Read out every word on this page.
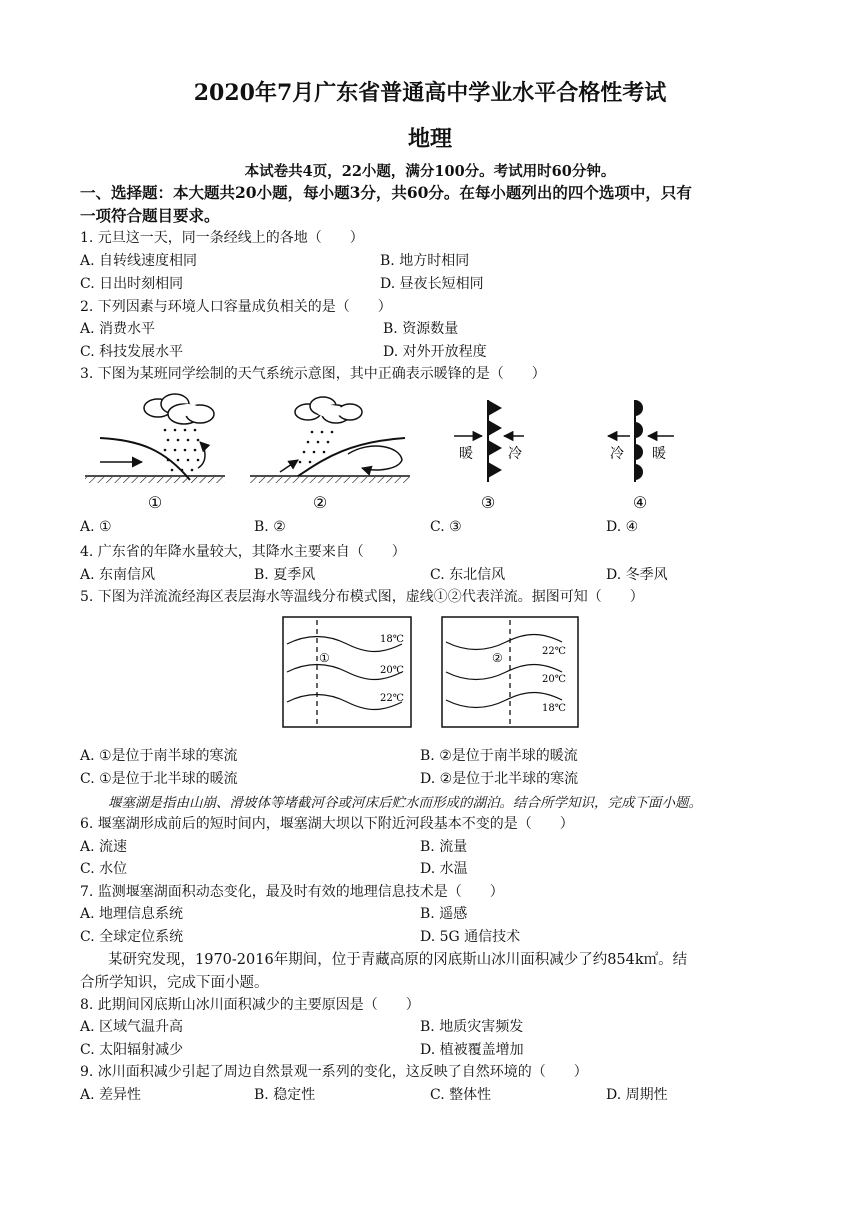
2020年7月广东省普通高中学业水平合格性考试
地理
本试卷共4页，22小题，满分100分。考试用时60分钟。
一、选择题：本大题共20小题，每小题3分，共60分。在每小题列出的四个选项中，只有
一项符合题目要求。
1. 元旦这一天，同一条经线上的各地（　　）
A. 自转线速度相同	B. 地方时相同
C. 日出时刻相同	D. 昼夜长短相同
2. 下列因素与环境人口容量成负相关的是（　　）
A. 消费水平	B. 资源数量
C. 科技发展水平	D. 对外开放程度
3. 下图为某班同学绘制的天气系统示意图，其中正确表示暖锋的是（　　）
暖	冷	冷 暖
①	②	③	④
A. ①	B. ②	C. ③	D. ④
4. 广东省的年降水量较大，其降水主要来自（　　）
A. 东南信风	B. 夏季风	C. 东北信风	D. 冬季风
5. 下图为洋流流经海区表层海水等温线分布模式图，虚线①②代表洋流。据图可知（　　）
①
18℃
20℃
22℃
②	22℃
20℃
18℃
A. ①是位于南半球的寒流	B. ②是位于南半球的暖流
C. ①是位于北半球的暖流	D. ②是位于北半球的寒流
堰塞湖是指由山崩、滑坡体等堵截河谷或河床后贮水而形成的湖泊。结合所学知识，完成下面小题。
6. 堰塞湖形成前后的短时间内，堰塞湖大坝以下附近河段基本不变的是（　　）
A. 流速	B. 流量
C. 水位	D. 水温
7. 监测堰塞湖面积动态变化，最及时有效的地理信息技术是（　　）
A. 地理信息系统	B. 遥感
C. 全球定位系统	D. 5G 通信技术
某研究发现，1970-2016年期间，位于青藏高原的冈底斯山冰川面积减少了约854k㎡。结
合所学知识，完成下面小题。
8. 此期间冈底斯山冰川面积减少的主要原因是（　　）
A. 区域气温升高	B. 地质灾害频发
C. 太阳辐射减少	D. 植被覆盖增加
9. 冰川面积减少引起了周边自然景观一系列的变化，这反映了自然环境的（　　）
A. 差异性	B. 稳定性	C. 整体性	D. 周期性
